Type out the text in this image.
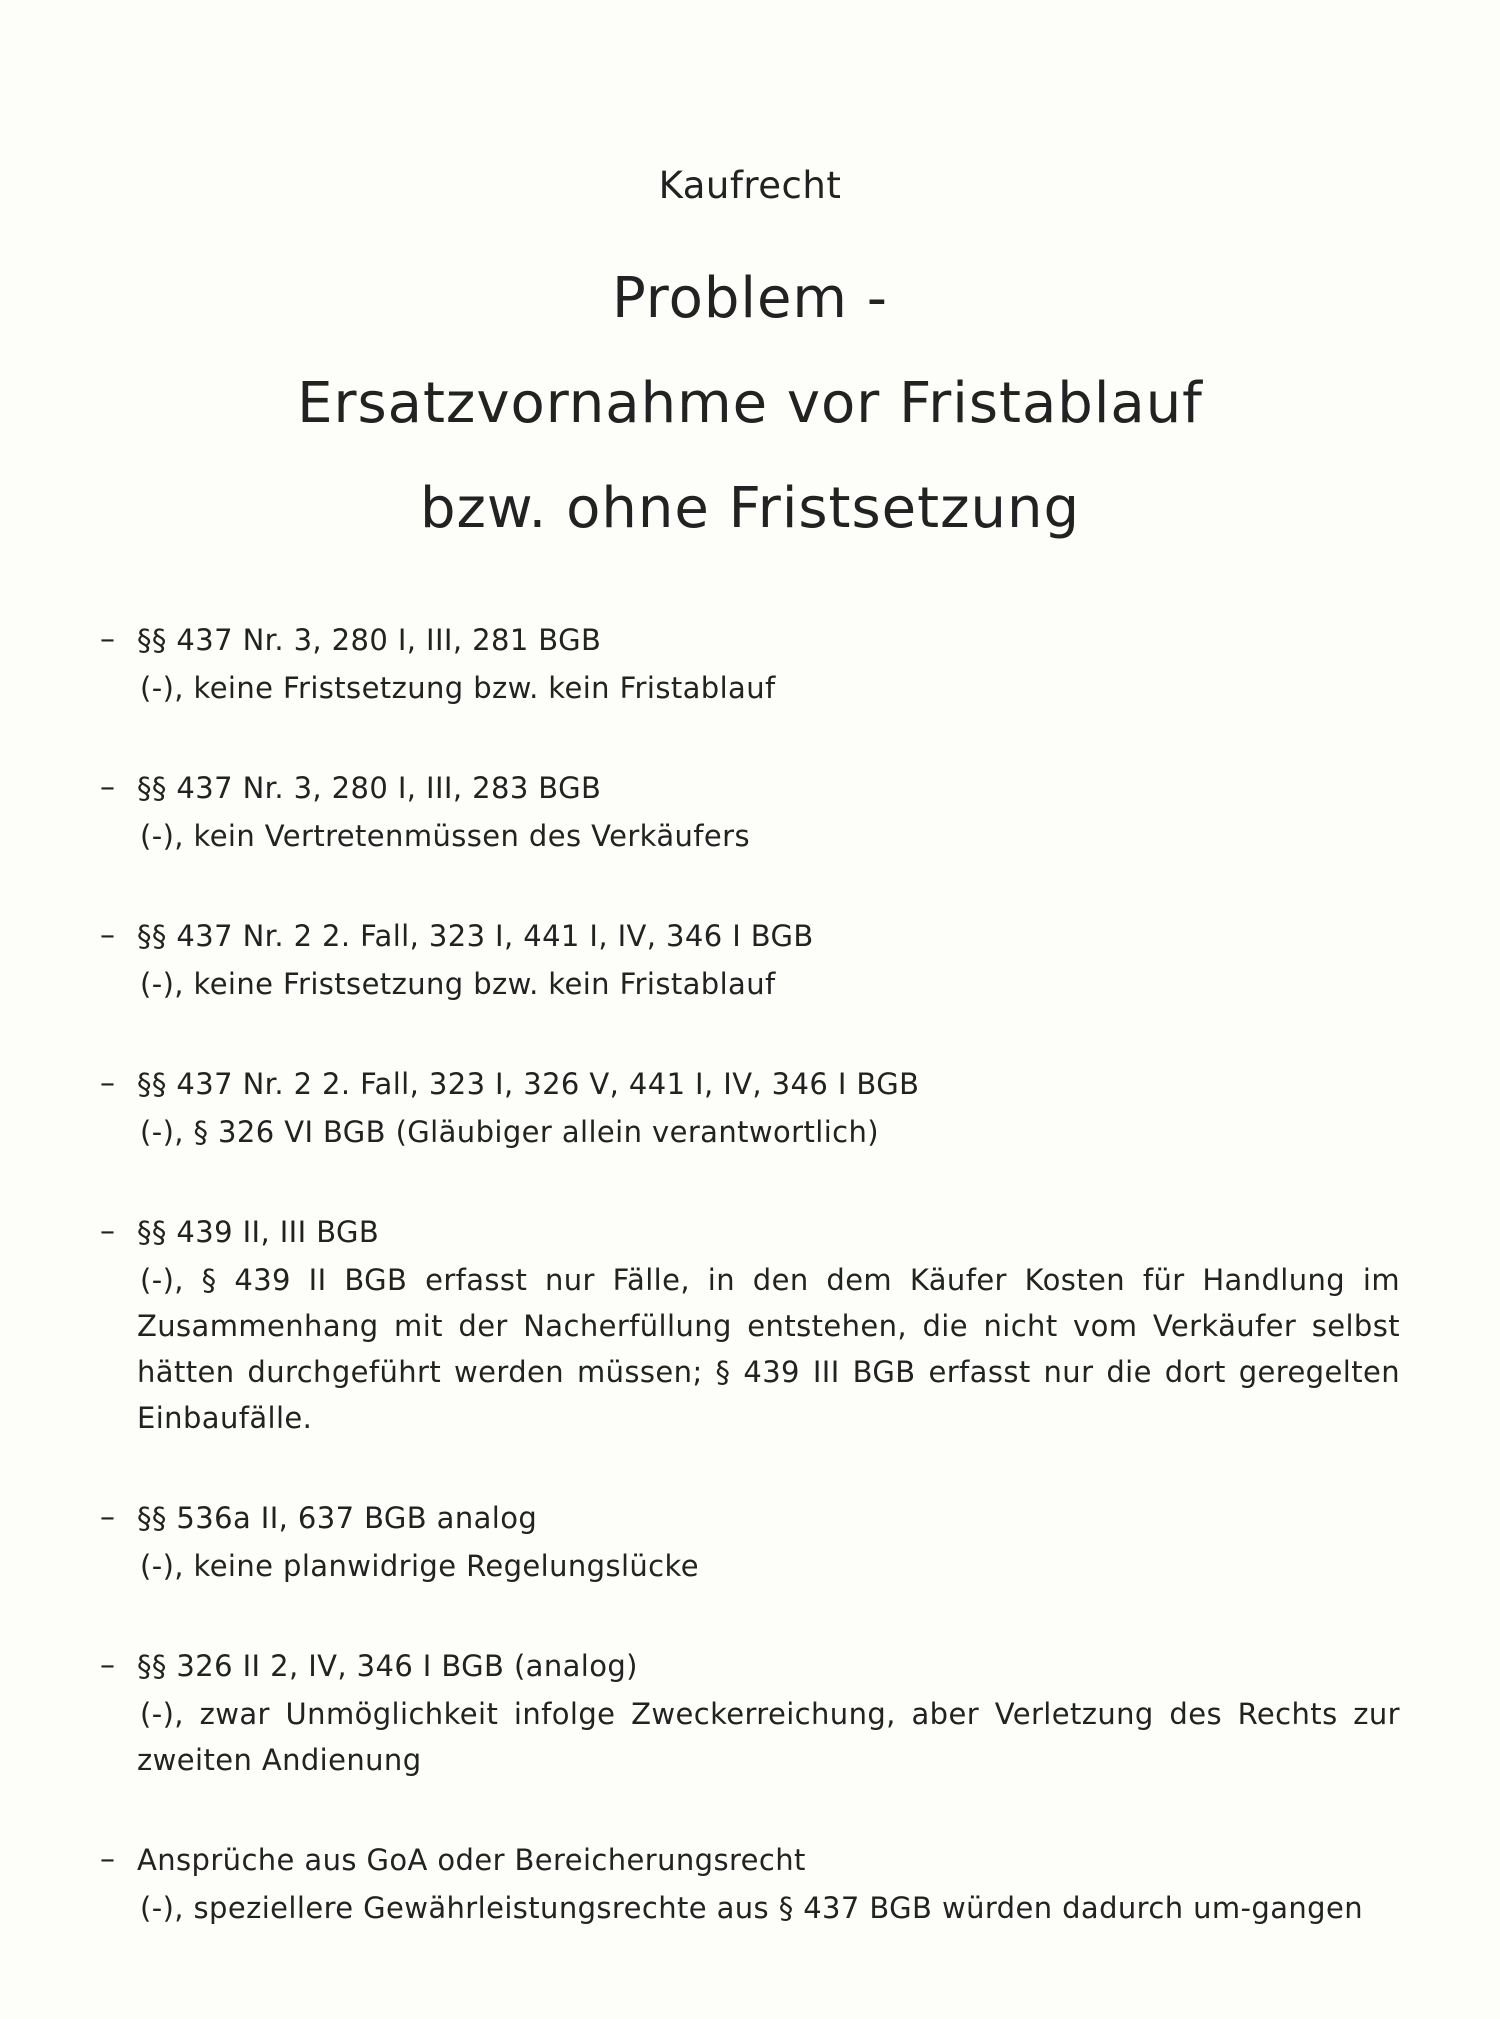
Kaufrecht
Problem -
Ersatzvornahme vor Fristablauf
bzw. ohne Fristsetzung
– §§ 437 Nr. 3, 280 I, III, 281 BGB
(-), keine Fristsetzung bzw. kein Fristablauf
– §§ 437 Nr. 3, 280 I, III, 283 BGB
(-), kein Vertretenmüssen des Verkäufers
– §§ 437 Nr. 2 2. Fall, 323 I, 441 I, IV, 346 I BGB
(-), keine Fristsetzung bzw. kein Fristablauf
– §§ 437 Nr. 2 2. Fall, 323 I, 326 V, 441 I, IV, 346 I BGB
(-), § 326 VI BGB (Gläubiger allein verantwortlich)
– §§ 439 II, III BGB
(-), § 439 II BGB erfasst nur Fälle, in den dem Käufer Kosten für Handlung im Zusammenhang mit der Nacherfüllung entstehen, die nicht vom Verkäufer selbst hätten durchgeführt werden müssen; § 439 III BGB erfasst nur die dort geregelten Einbaufälle.
– §§ 536a II, 637 BGB analog
(-), keine planwidrige Regelungslücke
– §§ 326 II 2, IV, 346 I BGB (analog)
(-), zwar Unmöglichkeit infolge Zweckerreichung, aber Verletzung des Rechts zur zweiten Andienung
– Ansprüche aus GoA oder Bereicherungsrecht
(-), speziellere Gewährleistungsrechte aus § 437 BGB würden dadurch um-gangen
